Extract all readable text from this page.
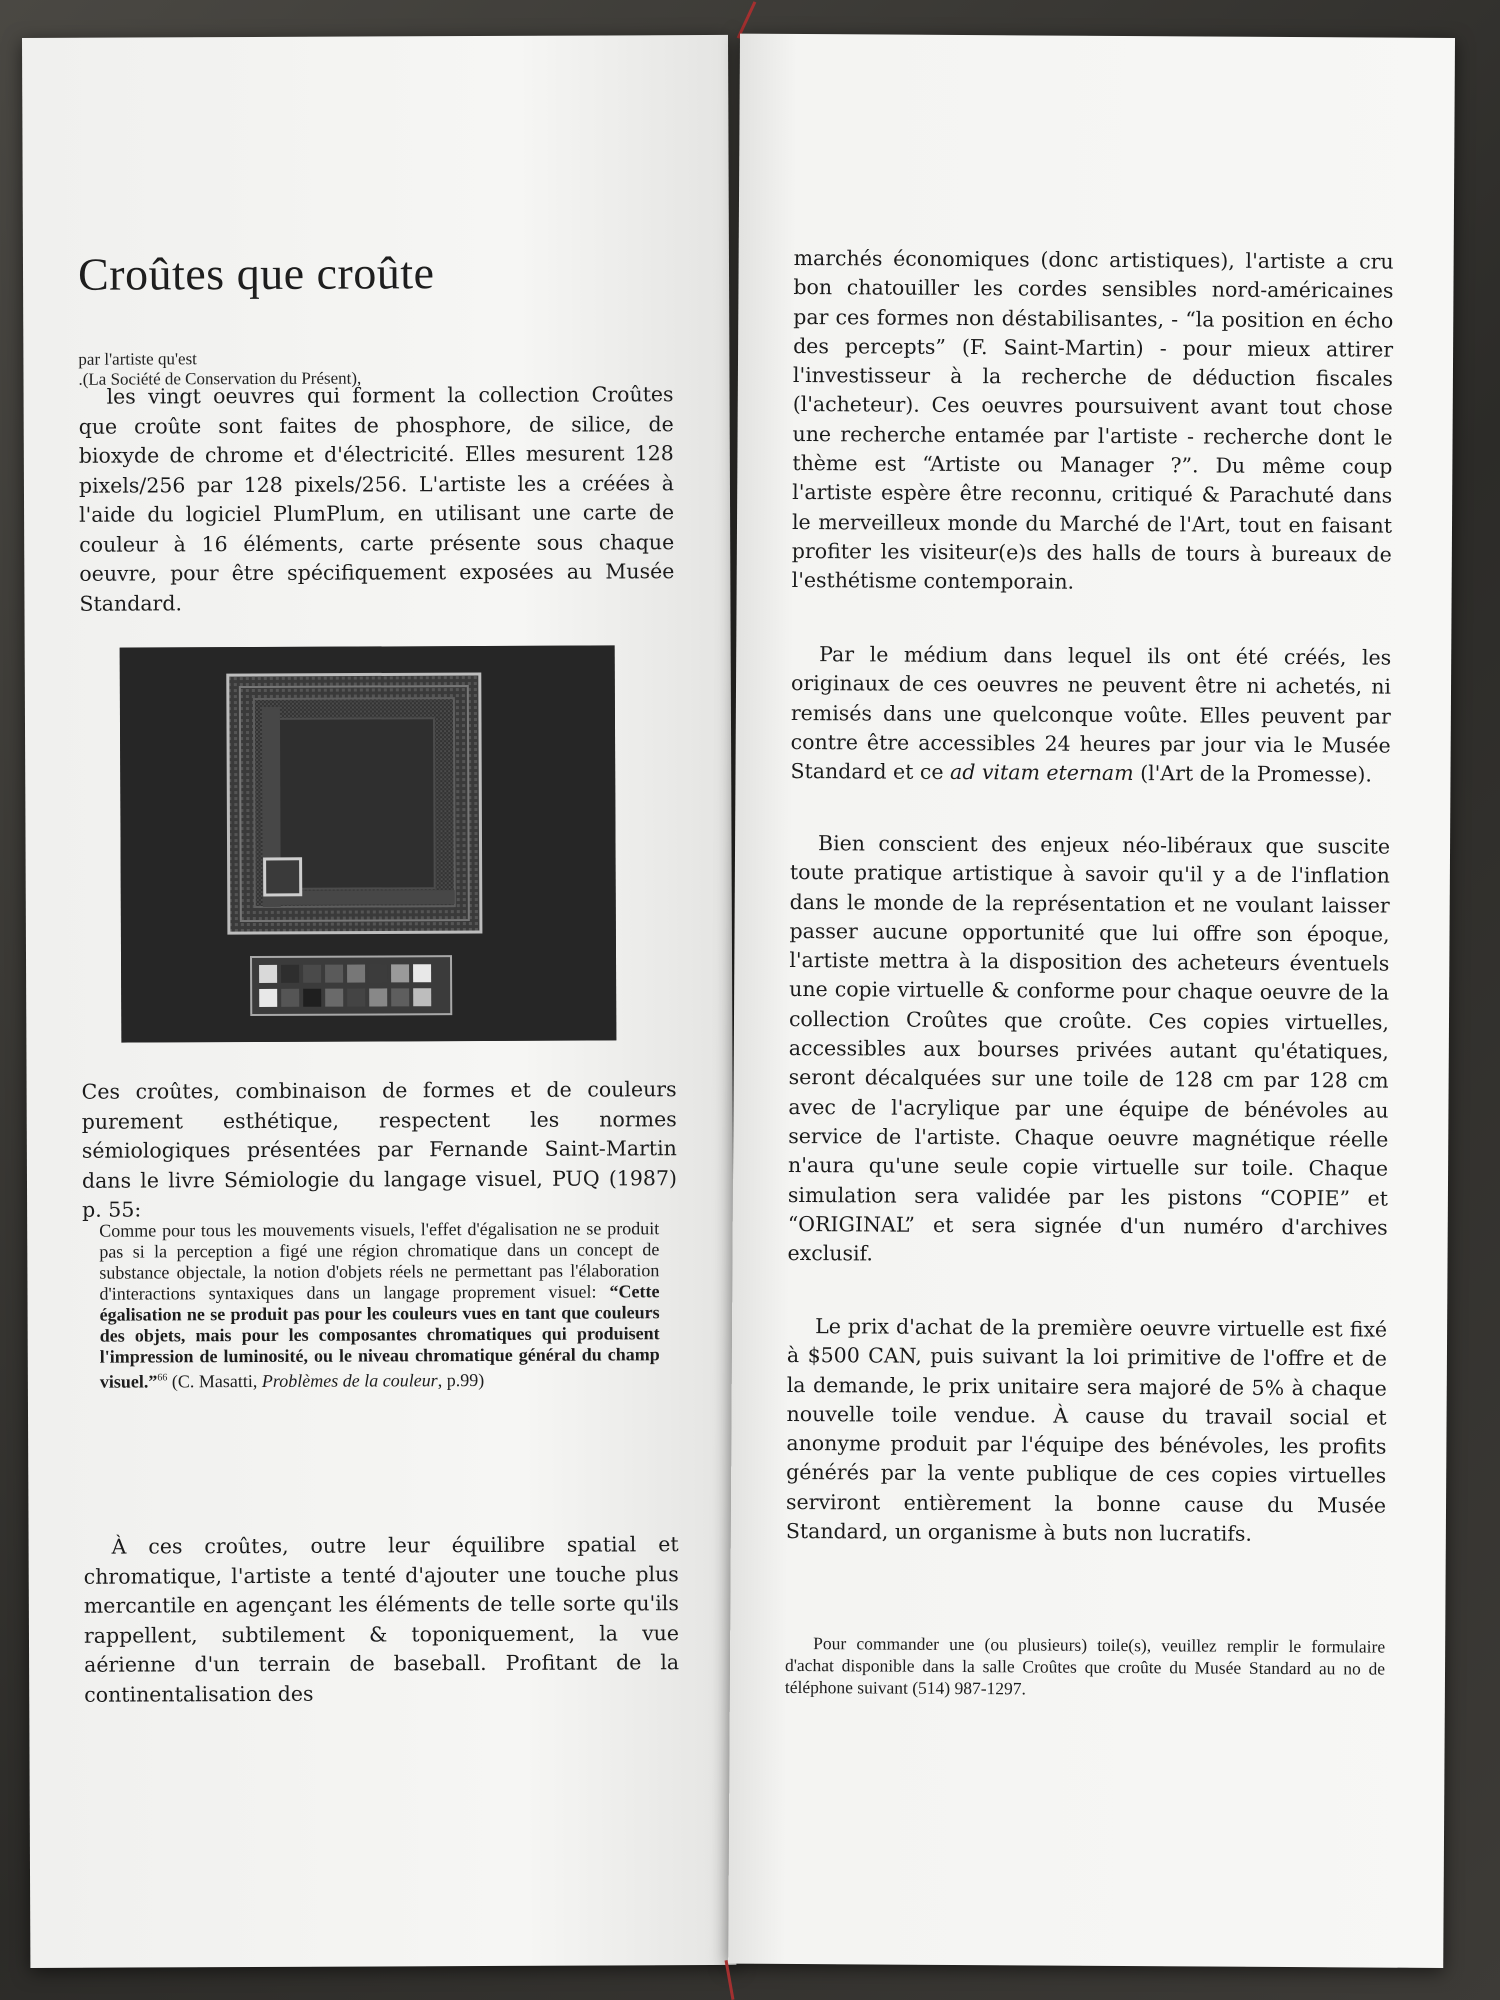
Croûtes que croûte
par l'artiste qu'est
.(La Société de Conservation du Présent),

les vingt oeuvres qui forment la collection Croûtes que croûte sont faites de phosphore, de silice, de bioxyde de chrome et d'électricité. Elles mesurent 128 pixels/256 par 128 pixels/256. L'artiste les a créées à l'aide du logiciel PlumPlum, en utilisant une carte de couleur à 16 éléments, carte présente sous chaque oeuvre, pour être spécifiquement exposées au Musée Standard.

Ces croûtes, combinaison de formes et de couleurs purement esthétique, respectent les normes sémiologiques présentées par Fernande Saint-Martin dans le livre Sémiologie du langage visuel, PUQ (1987) p. 55:

Comme pour tous les mouvements visuels, l'effet d'égalisation ne se produit pas si la perception a figé une région chromatique dans un concept de substance objectale, la notion d'objets réels ne permettant pas l'élaboration d'interactions syntaxiques dans un langage proprement visuel: “Cette égalisation ne se produit pas pour les couleurs vues en tant que couleurs des objets, mais pour les composantes chromatiques qui produisent l'impression de luminosité, ou le niveau chromatique général du champ visuel.”$^{66}$ (C. Masatti, Problèmes de la couleur, p.99)

À ces croûtes, outre leur équilibre spatial et chromatique, l'artiste a tenté d'ajouter une touche plus mercantile en agençant les éléments de telle sorte qu'ils rappellent, subtilement & toponiquement, la vue aérienne d'un terrain de baseball. Profitant de la continentalisation des

marchés économiques (donc artistiques), l'artiste a cru bon chatouiller les cordes sensibles nord-américaines par ces formes non déstabilisantes, - “la position en écho des percepts” (F. Saint-Martin) - pour mieux attirer l'investisseur à la recherche de déduction fiscales (l'acheteur). Ces oeuvres poursuivent avant tout chose une recherche entamée par l'artiste - recherche dont le thème est “Artiste ou Manager ?”. Du même coup l'artiste espère être reconnu, critiqué & Parachuté dans le merveilleux monde du Marché de l'Art, tout en faisant profiter les visiteur(e)s des halls de tours à bureaux de l'esthétisme contemporain.

Par le médium dans lequel ils ont été créés, les originaux de ces oeuvres ne peuvent être ni achetés, ni remisés dans une quelconque voûte. Elles peuvent par contre être accessibles 24 heures par jour via le Musée Standard et ce ad vitam eternam (l'Art de la Promesse).

Bien conscient des enjeux néo-libéraux que suscite toute pratique artistique à savoir qu'il y a de l'inflation dans le monde de la représentation et ne voulant laisser passer aucune opportunité que lui offre son époque, l'artiste mettra à la disposition des acheteurs éventuels une copie virtuelle & conforme pour chaque oeuvre de la collection Croûtes que croûte. Ces copies virtuelles, accessibles aux bourses privées autant qu'étatiques, seront décalquées sur une toile de 128 cm par 128 cm avec de l'acrylique par une équipe de bénévoles au service de l'artiste. Chaque oeuvre magnétique réelle n'aura qu'une seule copie virtuelle sur toile. Chaque simulation sera validée par les pistons “COPIE” et “ORIGINAL” et sera signée d'un numéro d'archives exclusif.

Le prix d'achat de la première oeuvre virtuelle est fixé à $500 CAN, puis suivant la loi primitive de l'offre et de la demande, le prix unitaire sera majoré de 5% à chaque nouvelle toile vendue. À cause du travail social et anonyme produit par l'équipe des bénévoles, les profits générés par la vente publique de ces copies virtuelles serviront entièrement la bonne cause du Musée Standard, un organisme à buts non lucratifs.

Pour commander une (ou plusieurs) toile(s), veuillez remplir le formulaire d'achat disponible dans la salle Croûtes que croûte du Musée Standard au no de téléphone suivant (514) 987-1297.
